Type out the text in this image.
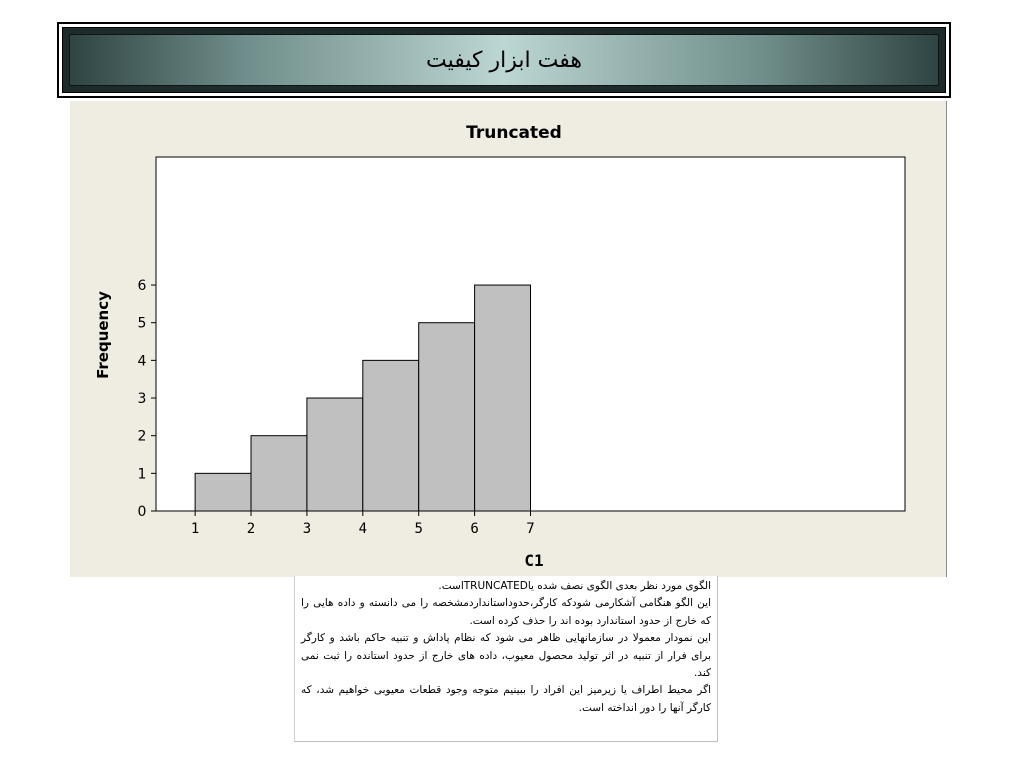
هفت ابزار کیفیت
Truncated
1	2	3	4	5	6	7
0
1
2
3
4
5
6
C1
Frequency

الگوی مورد نظر بعدی الگوی نصف شده یاTRUNCATEDاست.

این الگو هنگامی آشکارمی شودکه کارگر،حدوداستانداردمشخصه را می دانسته و داده هایی را که خارج از حدود استاندارد بوده اند را حذف کرده است.

این نمودار معمولا در سازمانهایی ظاهر می شود که نظام پاداش و تنبیه حاکم باشد و کارگر برای فرار از تنبیه در اثر تولید محصول معیوب، داده های خارج از حدود استانده را ثبت نمی کند.

اگر محیط اطراف یا زیرمیز این افراد را ببینیم متوجه وجود قطعات معیوبی خواهیم شد، که کارگر آنها را دور انداخته است.
